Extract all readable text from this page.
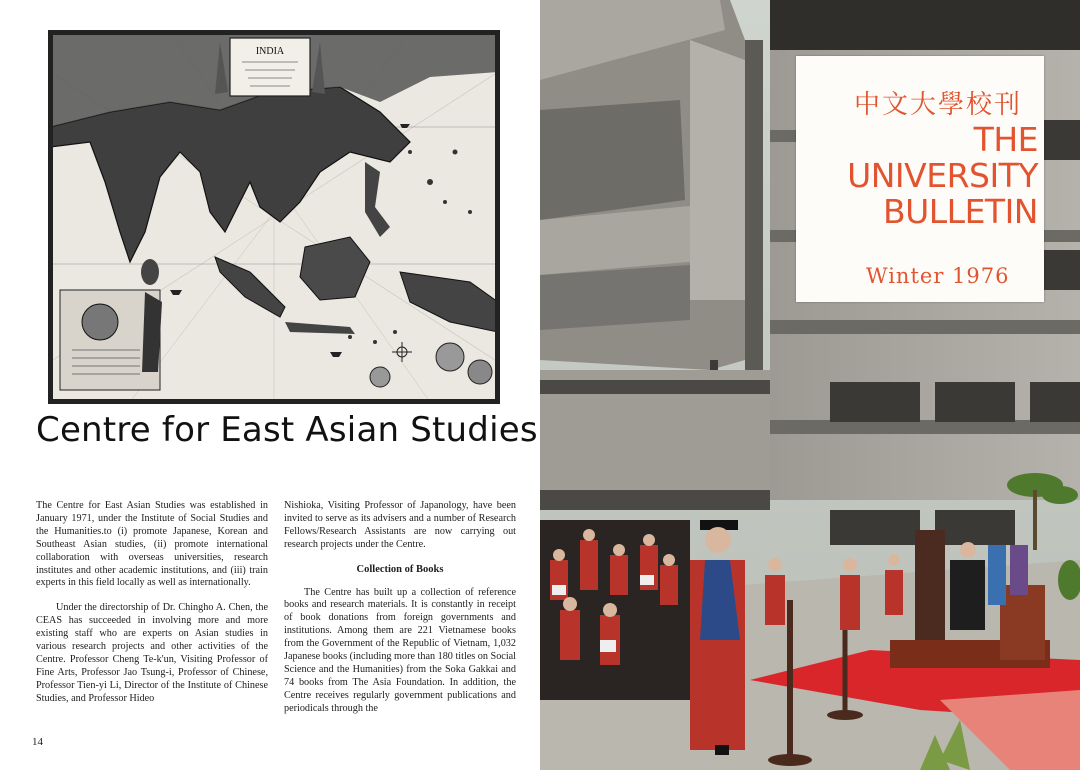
INDIA
Centre for East Asian Studies

The Centre for East Asian Studies was established in January 1971, under the Institute of Social Studies and the Humanities.to (i) promote Japanese, Korean and Southeast Asian studies, (ii) promote international collaboration with overseas universities, research institutes and other academic institutions, and (iii) train experts in this field locally as well as internationally.

Under the directorship of Dr. Chingho A. Chen, the CEAS has succeeded in involving more and more existing staff who are experts on Asian studies in various research projects and other activities of the Centre. Professor Cheng Te-k'un, Visiting Professor of Fine Arts, Professor Jao Tsung-i, Professor of Chinese, Professor Tien-yi Li, Director of the Institute of Chinese Studies, and Professor Hideo

Nishioka, Visiting Professor of Japanology, have been invited to serve as its advisers and a number of Research Fellows/Research Assistants are now carrying out research projects under the Centre.

Collection of Books

The Centre has built up a collection of reference books and research materials. It is constantly in receipt of book donations from foreign governments and institutions. Among them are 221 Vietnamese books from the Government of the Republic of Vietnam, 1,032 Japanese books (including more than 180 titles on Social Science and the Humanities) from the Soka Gakkai and 74 books from The Asia Foundation. In addition, the Centre receives regularly government publications and periodicals through the

14
中文大學校刊
THE
UNIVERSITY
BULLETIN
Winter 1976
